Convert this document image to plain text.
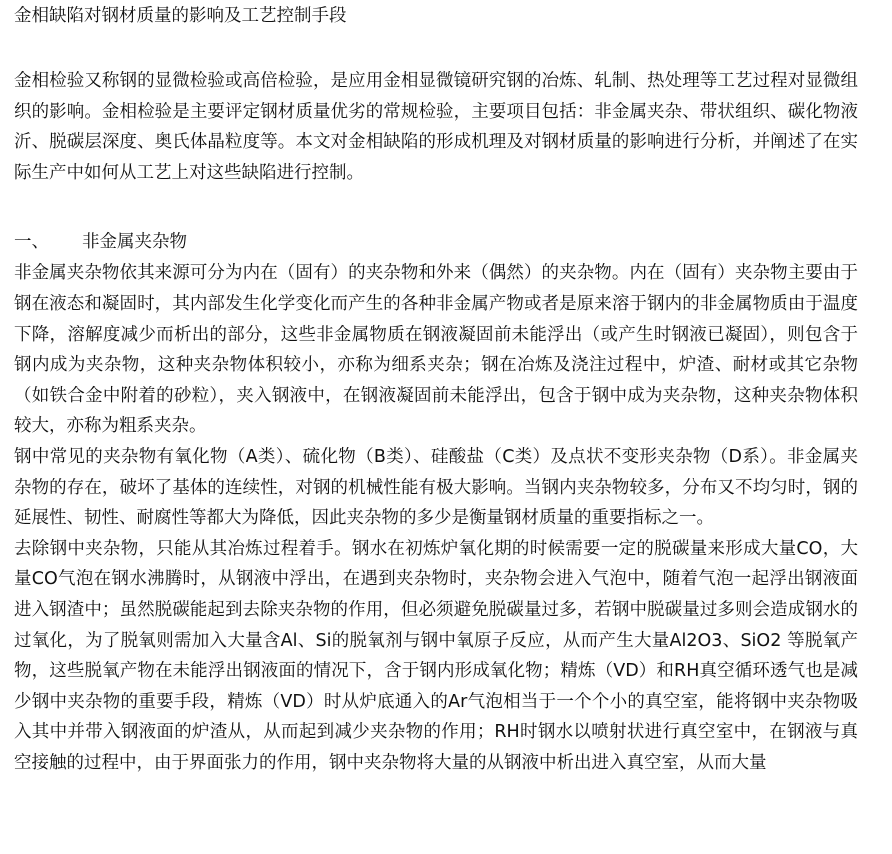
金相缺陷对钢材质量的影响及工艺控制手段

金相检验又称钢的显微检验或高倍检验，是应用金相显微镜研究钢的冶炼、轧制、热处理等工艺过程对显微组织的影响。金相检验是主要评定钢材质量优劣的常规检验，主要项目包括：非金属夹杂、带状组织、碳化物液沂、脱碳层深度、奥氏体晶粒度等。本文对金相缺陷的形成机理及对钢材质量的影响进行分析，并阐述了在实际生产中如何从工艺上对这些缺陷进行控制。

一、 非金属夹杂物

非金属夹杂物依其来源可分为内在（固有）的夹杂物和外来（偶然）的夹杂物。内在（固有）夹杂物主要由于钢在液态和凝固时，其内部发生化学变化而产生的各种非金属产物或者是原来溶于钢内的非金属物质由于温度下降，溶解度减少而析出的部分，这些非金属物质在钢液凝固前未能浮出（或产生时钢液已凝固），则包含于钢内成为夹杂物，这种夹杂物体积较小，亦称为细系夹杂；钢在冶炼及浇注过程中，炉渣、耐材或其它杂物（如铁合金中附着的砂粒），夹入钢液中，在钢液凝固前未能浮出，包含于钢中成为夹杂物，这种夹杂物体积较大，亦称为粗系夹杂。

钢中常见的夹杂物有氧化物（A类）、硫化物（B类）、硅酸盐（C类）及点状不变形夹杂物（D系）。非金属夹杂物的存在，破坏了基体的连续性，对钢的机械性能有极大影响。当钢内夹杂物较多，分布又不均匀时，钢的延展性、韧性、耐腐性等都大为降低，因此夹杂物的多少是衡量钢材质量的重要指标之一。

去除钢中夹杂物，只能从其冶炼过程着手。钢水在初炼炉氧化期的时候需要一定的脱碳量来形成大量CO，大量CO气泡在钢水沸腾时，从钢液中浮出，在遇到夹杂物时，夹杂物会进入气泡中，随着气泡一起浮出钢液面进入钢渣中；虽然脱碳能起到去除夹杂物的作用，但必须避免脱碳量过多，若钢中脱碳量过多则会造成钢水的过氧化，为了脱氧则需加入大量含Al、Si的脱氧剂与钢中氧原子反应，从而产生大量Al2O3、SiO2 等脱氧产物，这些脱氧产物在未能浮出钢液面的情况下，含于钢内形成氧化物；精炼（VD）和RH真空循环透气也是减少钢中夹杂物的重要手段，精炼（VD）时从炉底通入的Ar气泡相当于一个个小的真空室，能将钢中夹杂物吸入其中并带入钢液面的炉渣从，从而起到减少夹杂物的作用；RH时钢水以喷射状进行真空室中，在钢液与真空接触的过程中，由于界面张力的作用，钢中夹杂物将大量的从钢液中析出进入真空室，从而大量
